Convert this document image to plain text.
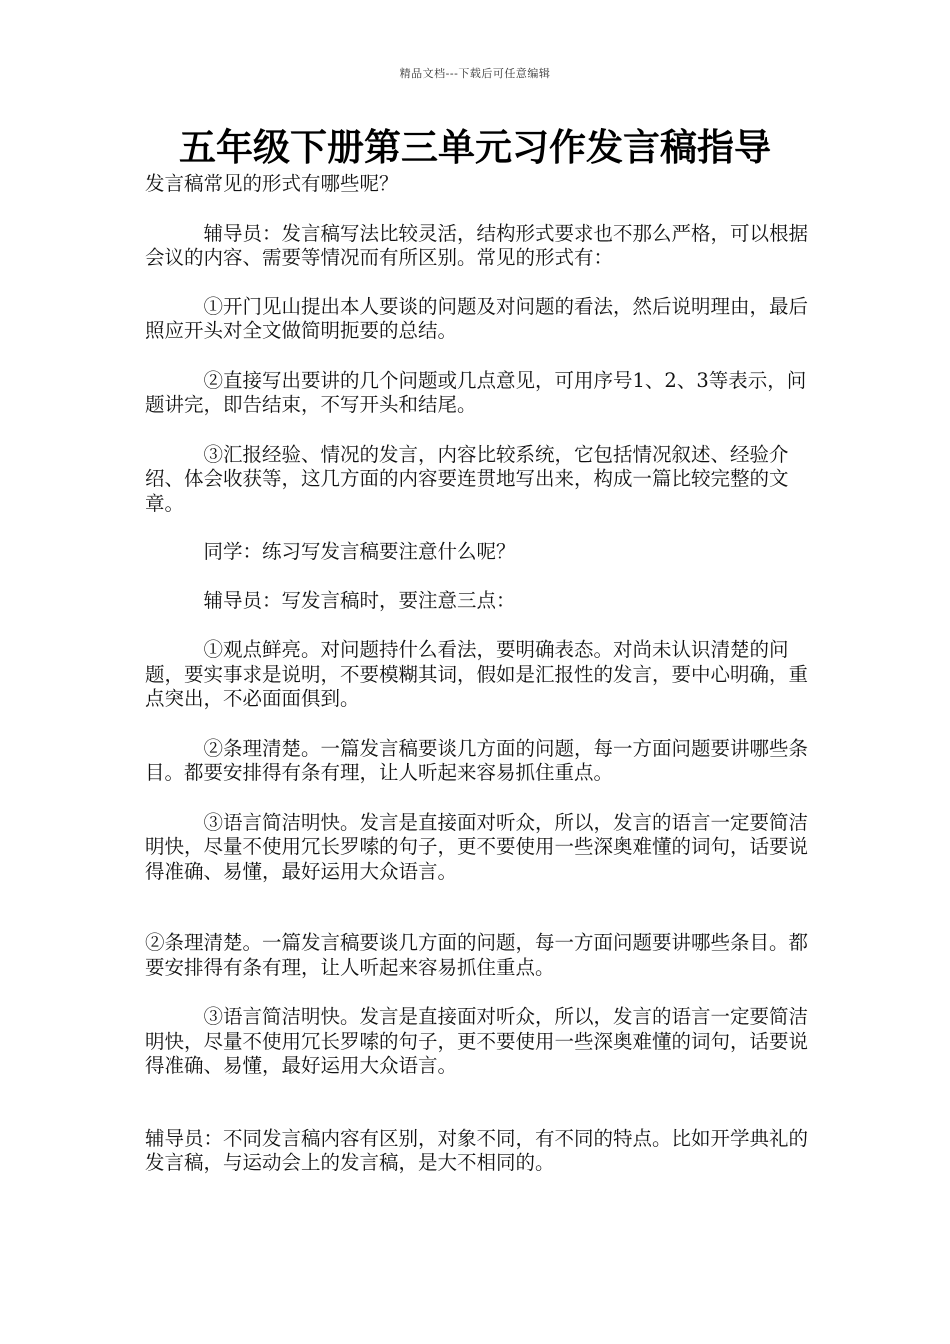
精品文档---下载后可任意编辑
五年级下册第三单元习作发言稿指导

发言稿常见的形式有哪些呢？

　　　辅导员：发言稿写法比较灵活，结构形式要求也不那么严格，可以根据会议的内容、需要等情况而有所区别。常见的形式有：

　　　①开门见山提出本人要谈的问题及对问题的看法，然后说明理由，最后照应开头对全文做简明扼要的总结。

　　　②直接写出要讲的几个问题或几点意见，可用序号1、2、3等表示，问题讲完，即告结束，不写开头和结尾。

　　　③汇报经验、情况的发言，内容比较系统，它包括情况叙述、经验介绍、体会收获等，这几方面的内容要连贯地写出来，构成一篇比较完整的文章。

　　　同学：练习写发言稿要注意什么呢？

　　　辅导员：写发言稿时，要注意三点：

　　　①观点鲜亮。对问题持什么看法，要明确表态。对尚未认识清楚的问题，要实事求是说明，不要模糊其词，假如是汇报性的发言，要中心明确，重点突出，不必面面俱到。

　　　②条理清楚。一篇发言稿要谈几方面的问题，每一方面问题要讲哪些条目。都要安排得有条有理，让人听起来容易抓住重点。

　　　③语言简洁明快。发言是直接面对听众，所以，发言的语言一定要简洁明快，尽量不使用冗长罗嗦的句子，更不要使用一些深奥难懂的词句，话要说得准确、易懂，最好运用大众语言。

②条理清楚。一篇发言稿要谈几方面的问题，每一方面问题要讲哪些条目。都要安排得有条有理，让人听起来容易抓住重点。

　　　③语言简洁明快。发言是直接面对听众，所以，发言的语言一定要简洁明快，尽量不使用冗长罗嗦的句子，更不要使用一些深奥难懂的词句，话要说得准确、易懂，最好运用大众语言。

辅导员：不同发言稿内容有区别，对象不同，有不同的特点。比如开学典礼的发言稿，与运动会上的发言稿，是大不相同的。
